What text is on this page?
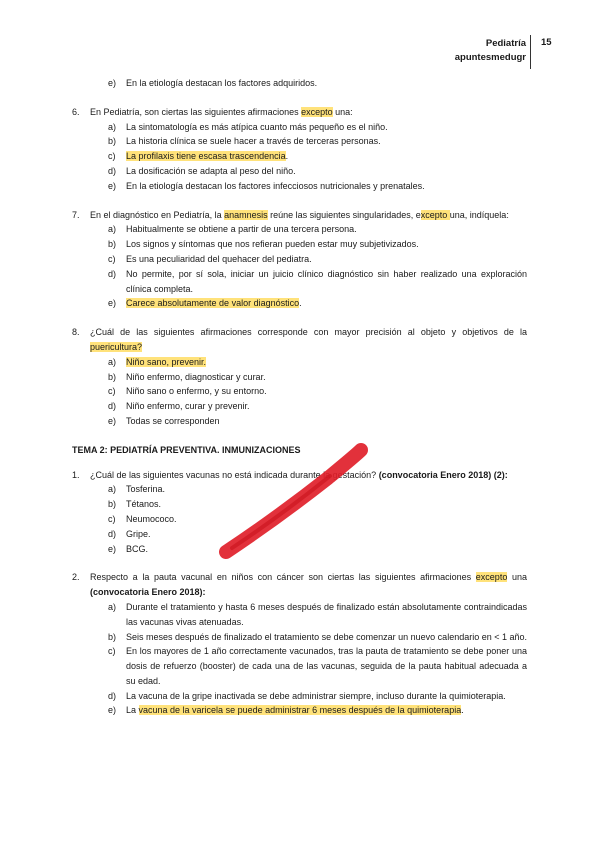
Pediatría
apuntesmedugr
15
e)	En la etiología destacan los factores adquiridos.
6.	En Pediatría, son ciertas las siguientes afirmaciones excepto una:
a)	La sintomatología es más atípica cuanto más pequeño es el niño.
b)	La historia clínica se suele hacer a través de terceras personas.
c)	La profilaxis tiene escasa trascendencia.
d)	La dosificación se adapta al peso del niño.
e)	En la etiología destacan los factores infecciosos nutricionales y prenatales.
7.	En el diagnóstico en Pediatría, la anamnesis reúne las siguientes singularidades, excepto una, indíquela:
a)	Habitualmente se obtiene a partir de una tercera persona.
b)	Los signos y síntomas que nos refieran pueden estar muy subjetivizados.
c)	Es una peculiaridad del quehacer del pediatra.
d)	No permite, por sí sola, iniciar un juicio clínico diagnóstico sin haber realizado una exploración clínica completa.
e)	Carece absolutamente de valor diagnóstico.
8.	¿Cuál de las siguientes afirmaciones corresponde con mayor precisión al objeto y objetivos de la puericultura?
a)	Niño sano, prevenir.
b)	Niño enfermo, diagnosticar y curar.
c)	Niño sano o enfermo, y su entorno.
d)	Niño enfermo, curar y prevenir.
e)	Todas se corresponden
TEMA 2: PEDIATRÍA PREVENTIVA. INMUNIZACIONES
1.	¿Cuál de las siguientes vacunas no está indicada durante la gestación? (convocatoria Enero 2018) (2):
a)	Tosferina.
b)	Tétanos.
c)	Neumococo.
d)	Gripe.
e)	BCG.
2.	Respecto a la pauta vacunal en niños con cáncer son ciertas las siguientes afirmaciones excepto una (convocatoria Enero 2018):
a)	Durante el tratamiento y hasta 6 meses después de finalizado están absolutamente contraindicadas las vacunas vivas atenuadas.
b)	Seis meses después de finalizado el tratamiento se debe comenzar un nuevo calendario en < 1 año.
c)	En los mayores de 1 año correctamente vacunados, tras la pauta de tratamiento se debe poner una dosis de refuerzo (booster) de cada una de las vacunas, seguida de la pauta habitual adecuada a su edad.
d)	La vacuna de la gripe inactivada se debe administrar siempre, incluso durante la quimioterapia.
e)	La vacuna de la varicela se puede administrar 6 meses después de la quimioterapia.
